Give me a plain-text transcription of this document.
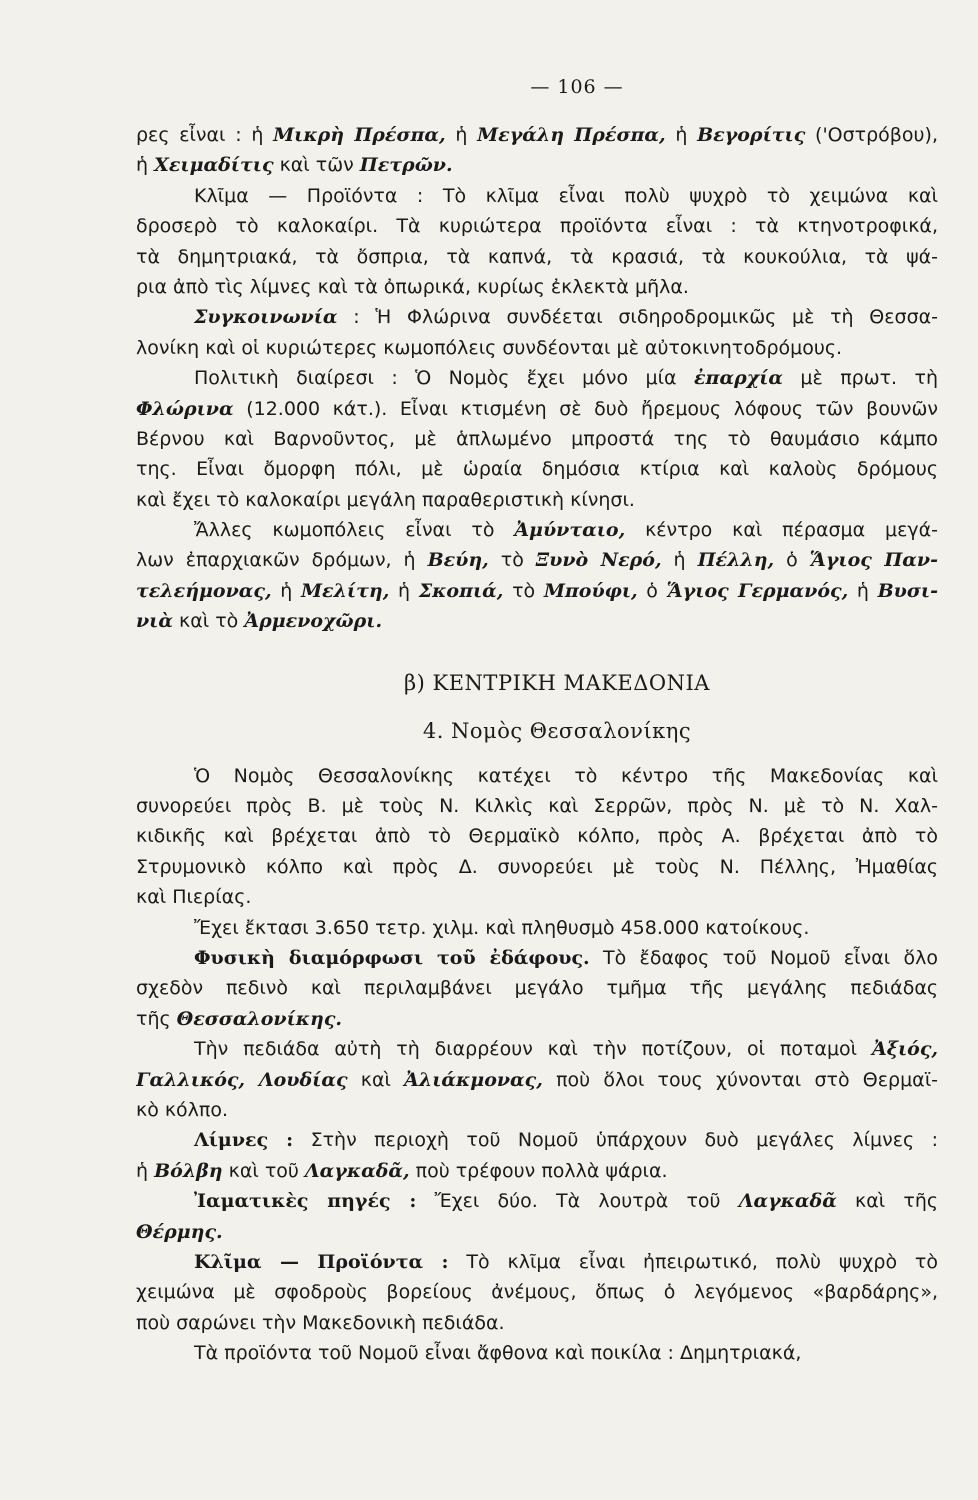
— 106 —
ρες εἶναι : ἡ Μικρὴ Πρέσπα, ἡ Μεγάλη Πρέσπα, ἡ Βεγορίτις ('Οστρόβου),
ἡ Χειμαδίτις καὶ τῶν Πετρῶν.
Κλῖμα — Προϊόντα : Τὸ κλῖμα εἶναι πολὺ ψυχρὸ τὸ χειμώνα καὶ
δροσερὸ τὸ καλοκαίρι. Τὰ κυριώτερα προϊόντα εἶναι : τὰ κτηνοτροφικά,
τὰ δημητριακά, τὰ ὄσπρια, τὰ καπνά, τὰ κρασιά, τὰ κουκούλια, τὰ ψά-
ρια ἀπὸ τὶς λίμνες καὶ τὰ ὀπωρικά, κυρίως ἐκλεκτὰ μῆλα.
Συγκοινωνία : Ἡ Φλώρινα συνδέεται σιδηροδρομικῶς μὲ τὴ Θεσσα-
λονίκη καὶ οἱ κυριώτερες κωμοπόλεις συνδέονται μὲ αὐτοκινητοδρόμους.
Πολιτικὴ διαίρεσι : Ὁ Νομὸς ἔχει μόνο μία ἐπαρχία μὲ πρωτ. τὴ
Φλώρινα (12.000 κάτ.). Εἶναι κτισμένη σὲ δυὸ ἤρεμους λόφους τῶν βουνῶν
Βέρνου καὶ Βαρνοῦντος, μὲ ἁπλωμένο μπροστά της τὸ θαυμάσιο κάμπο
της. Εἶναι ὄμορφη πόλι, μὲ ὡραία δημόσια κτίρια καὶ καλοὺς δρόμους
καὶ ἔχει τὸ καλοκαίρι μεγάλη παραθεριστικὴ κίνησι.
Ἄλλες κωμοπόλεις εἶναι τὸ Ἀμύνταιο, κέντρο καὶ πέρασμα μεγά-
λων ἐπαρχιακῶν δρόμων, ἡ Βεύη, τὸ Ξυνὸ Νερό, ἡ Πέλλη, ὁ Ἅγιος Παν-
τελεήμονας, ἡ Μελίτη, ἡ Σκοπιά, τὸ Μπούφι, ὁ Ἅγιος Γερμανός, ἡ Βυσι-
νιὰ καὶ τὸ Ἀρμενοχῶρι.
β) ΚΕΝΤΡΙΚΗ ΜΑΚΕΔΟΝΙΑ
4. Νομὸς Θεσσαλονίκης
Ὁ Νομὸς Θεσσαλονίκης κατέχει τὸ κέντρο τῆς Μακεδονίας καὶ
συνορεύει πρὸς Β. μὲ τοὺς Ν. Κιλκὶς καὶ Σερρῶν, πρὸς Ν. μὲ τὸ Ν. Χαλ-
κιδικῆς καὶ βρέχεται ἀπὸ τὸ Θερμαϊκὸ κόλπο, πρὸς Α. βρέχεται ἀπὸ τὸ
Στρυμονικὸ κόλπο καὶ πρὸς Δ. συνορεύει μὲ τοὺς Ν. Πέλλης, Ἠμαθίας
καὶ Πιερίας.
Ἔχει ἔκτασι 3.650 τετρ. χιλμ. καὶ πληθυσμὸ 458.000 κατοίκους.
Φυσικὴ διαμόρφωσι τοῦ ἐδάφους. Τὸ ἔδαφος τοῦ Νομοῦ εἶναι ὅλο
σχεδὸν πεδινὸ καὶ περιλαμβάνει μεγάλο τμῆμα τῆς μεγάλης πεδιάδας
τῆς Θεσσαλονίκης.
Τὴν πεδιάδα αὐτὴ τὴ διαρρέουν καὶ τὴν ποτίζουν, οἱ ποταμοὶ Ἀξιός,
Γαλλικός, Λουδίας καὶ Ἀλιάκμονας, ποὺ ὅλοι τους χύνονται στὸ Θερμαϊ-
κὸ κόλπο.
Λίμνες : Στὴν περιοχὴ τοῦ Νομοῦ ὑπάρχουν δυὸ μεγάλες λίμνες :
ἡ Βόλβη καὶ τοῦ Λαγκαδᾶ, ποὺ τρέφουν πολλὰ ψάρια.
Ἰαματικὲς πηγές : Ἔχει δύο. Τὰ λουτρὰ τοῦ Λαγκαδᾶ καὶ τῆς
Θέρμης.
Κλῖμα — Προϊόντα : Τὸ κλῖμα εἶναι ἠπειρωτικό, πολὺ ψυχρὸ τὸ
χειμώνα μὲ σφοδροὺς βορείους ἀνέμους, ὅπως ὁ λεγόμενος «βαρδάρης»,
ποὺ σαρώνει τὴν Μακεδονικὴ πεδιάδα.
Τὰ προϊόντα τοῦ Νομοῦ εἶναι ἄφθονα καὶ ποικίλα : Δημητριακά,
